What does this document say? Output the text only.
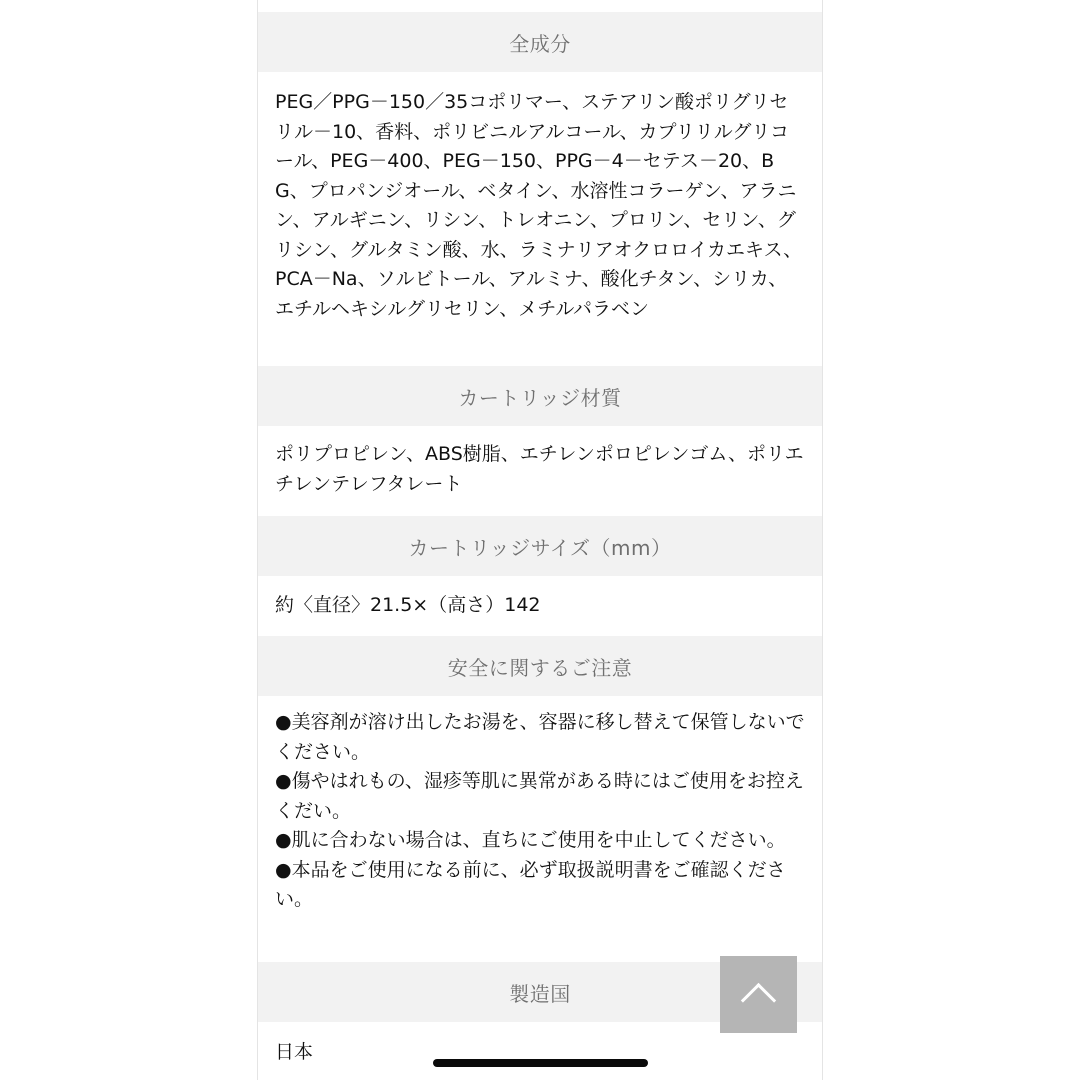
全成分
PEG／PPG－150／35コポリマー、ステアリン酸ポリグリセリル－10、香料、ポリビニルアルコール、カプリリルグリコール、PEG－400、PEG－150、PPG－4－セテス－20、BG、プロパンジオール、ベタイン、水溶性コラーゲン、アラニン、アルギニン、リシン、トレオニン、プロリン、セリン、グリシン、グルタミン酸、水、ラミナリアオクロロイカエキス、PCA－Na、ソルビトール、アルミナ、酸化チタン、シリカ、エチルヘキシルグリセリン、メチルパラベン
カートリッジ材質
ポリプロピレン、ABS樹脂、エチレンポロピレンゴム、ポリエチレンテレフタレート
カートリッジサイズ（mm）
約〈直径〉21.5×（高さ）142
安全に関するご注意
●美容剤が溶け出したお湯を、容器に移し替えて保管しないでください。
●傷やはれもの、湿疹等肌に異常がある時にはご使用をお控えくだい。
●肌に合わない場合は、直ちにご使用を中止してください。
●本品をご使用になる前に、必ず取扱説明書をご確認ください。
製造国
日本
